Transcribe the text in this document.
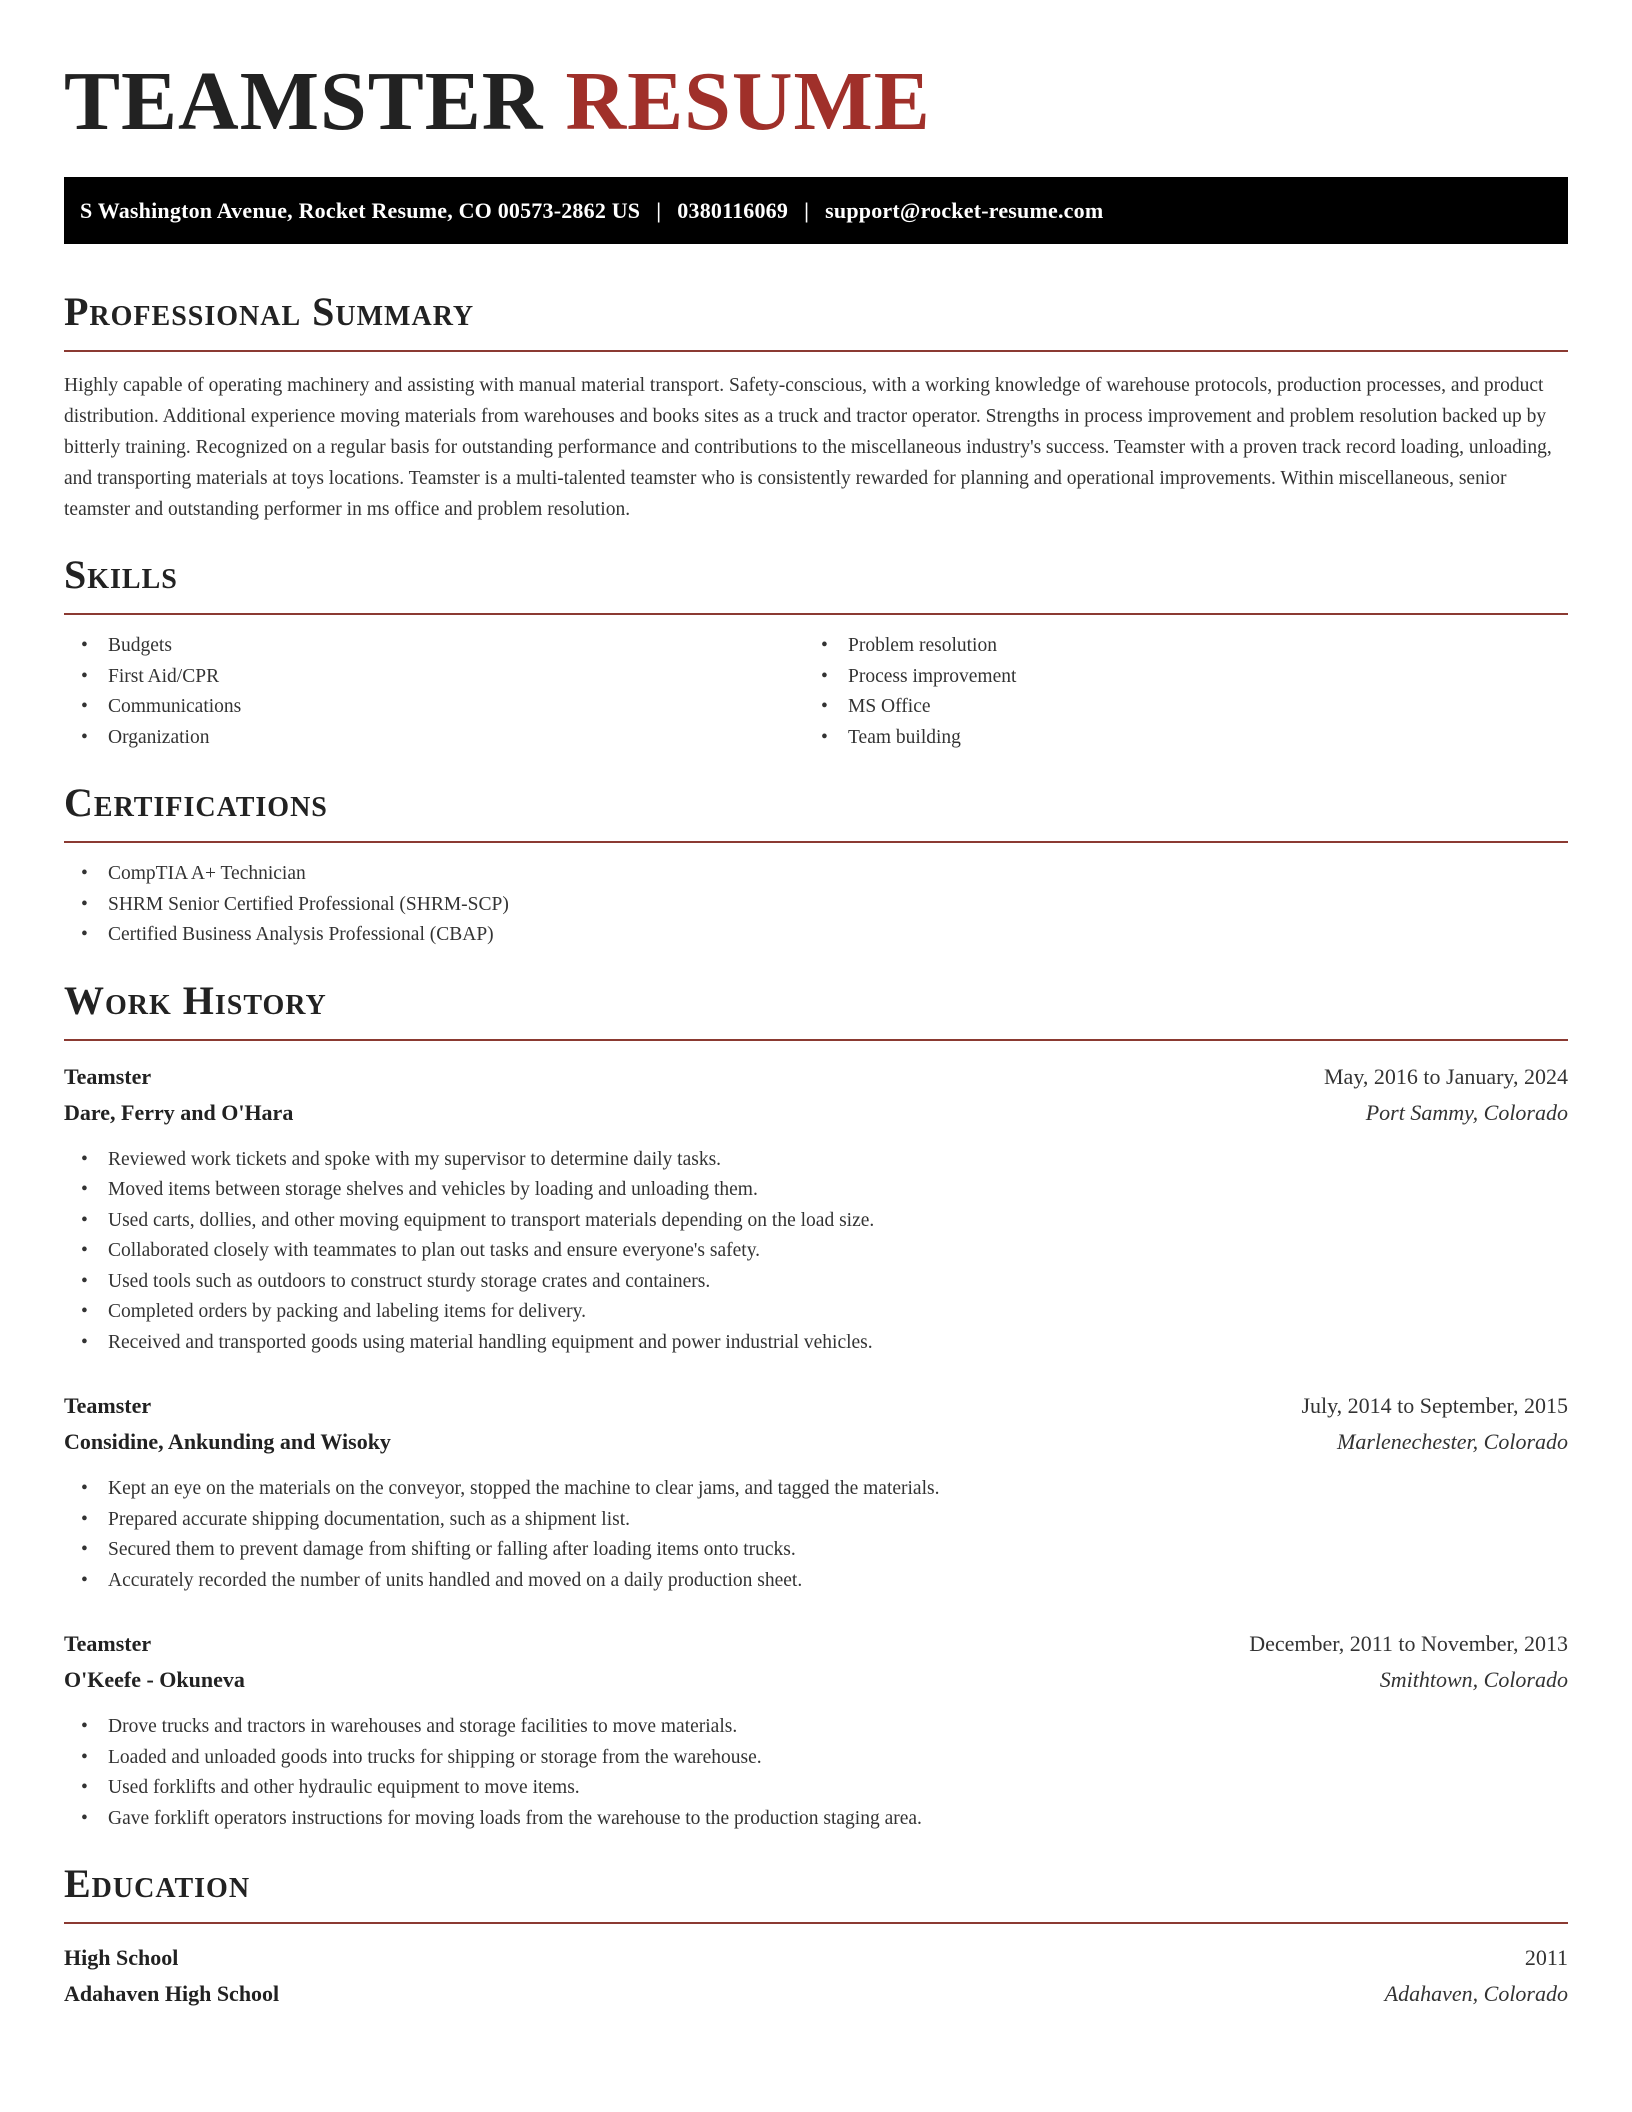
TEAMSTER RESUME
S Washington Avenue, Rocket Resume, CO 00573-2862 US | 0380116069 | support@rocket-resume.com
Professional Summary

Highly capable of operating machinery and assisting with manual material transport. Safety-conscious, with a working knowledge of warehouse protocols, production processes, and product distribution. Additional experience moving materials from warehouses and books sites as a truck and tractor operator. Strengths in process improvement and problem resolution backed up by bitterly training. Recognized on a regular basis for outstanding performance and contributions to the miscellaneous industry's success. Teamster with a proven track record loading, unloading, and transporting materials at toys locations. Teamster is a multi-talented teamster who is consistently rewarded for planning and operational improvements. Within miscellaneous, senior teamster and outstanding performer in ms office and problem resolution.

Skills
• Budgets
• First Aid/CPR
• Communications
• Organization
• Problem resolution
• Process improvement
• MS Office
• Team building
Certifications
• CompTIA A+ Technician
• SHRM Senior Certified Professional (SHRM-SCP)
• Certified Business Analysis Professional (CBAP)
Work History
Teamster	May, 2016 to January, 2024
Dare, Ferry and O'Hara	Port Sammy, Colorado
• Reviewed work tickets and spoke with my supervisor to determine daily tasks.
• Moved items between storage shelves and vehicles by loading and unloading them.
• Used carts, dollies, and other moving equipment to transport materials depending on the load size.
• Collaborated closely with teammates to plan out tasks and ensure everyone's safety.
• Used tools such as outdoors to construct sturdy storage crates and containers.
• Completed orders by packing and labeling items for delivery.
• Received and transported goods using material handling equipment and power industrial vehicles.
Teamster	July, 2014 to September, 2015
Considine, Ankunding and Wisoky	Marlenechester, Colorado
• Kept an eye on the materials on the conveyor, stopped the machine to clear jams, and tagged the materials.
• Prepared accurate shipping documentation, such as a shipment list.
• Secured them to prevent damage from shifting or falling after loading items onto trucks.
• Accurately recorded the number of units handled and moved on a daily production sheet.
Teamster	December, 2011 to November, 2013
O'Keefe - Okuneva	Smithtown, Colorado
• Drove trucks and tractors in warehouses and storage facilities to move materials.
• Loaded and unloaded goods into trucks for shipping or storage from the warehouse.
• Used forklifts and other hydraulic equipment to move items.
• Gave forklift operators instructions for moving loads from the warehouse to the production staging area.
Education
High School	2011
Adahaven High School	Adahaven, Colorado
